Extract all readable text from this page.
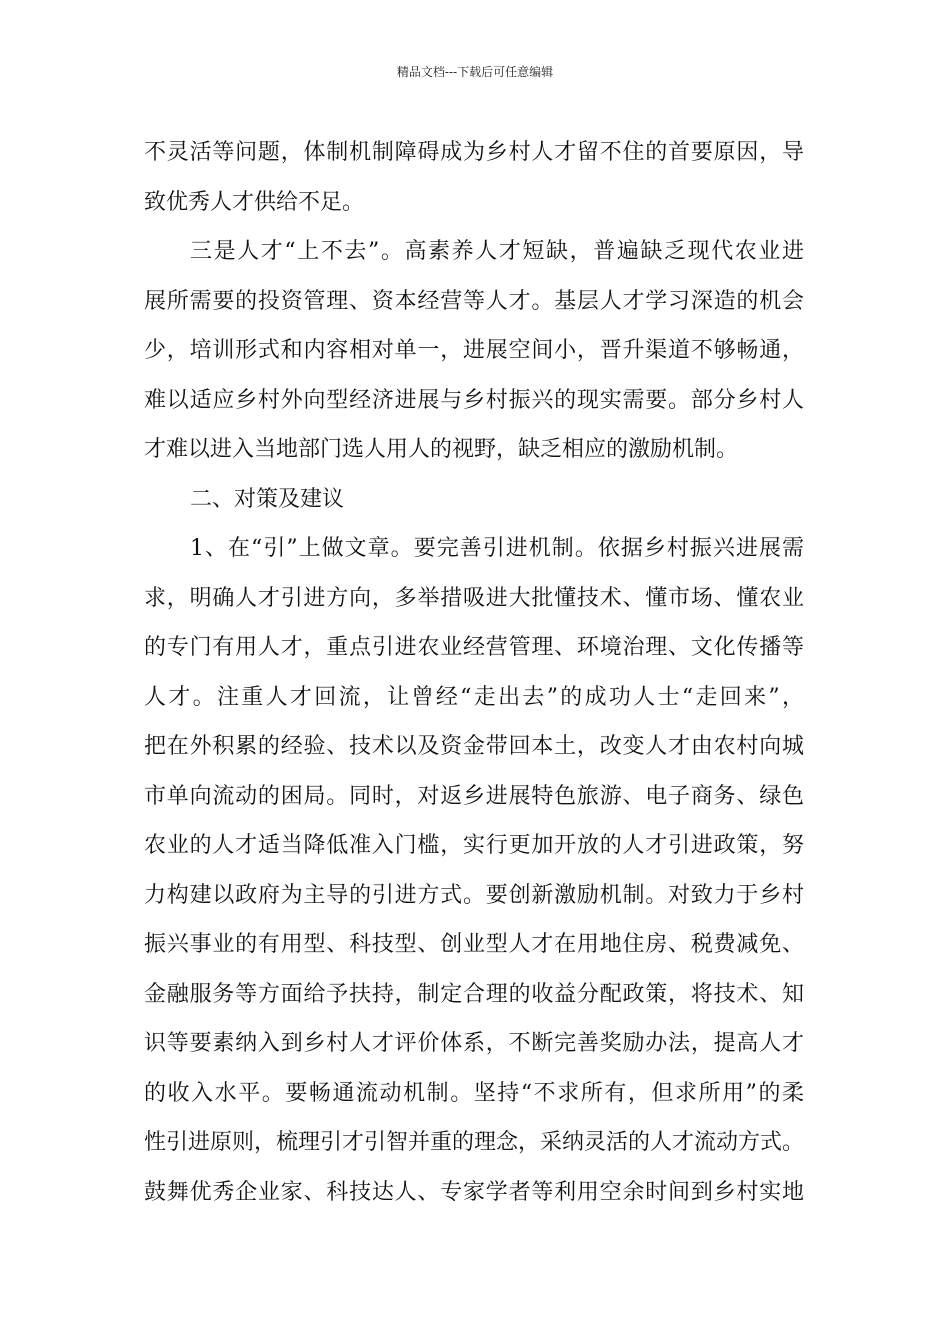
精品文档---下载后可任意编辑
不灵活等问题，体制机制障碍成为乡村人才留不住的首要原因，导
致优秀人才供给不足。
三是人才“上不去”。高素养人才短缺，普遍缺乏现代农业进
展所需要的投资管理、资本经营等人才。基层人才学习深造的机会
少，培训形式和内容相对单一，进展空间小，晋升渠道不够畅通，
难以适应乡村外向型经济进展与乡村振兴的现实需要。部分乡村人
才难以进入当地部门选人用人的视野，缺乏相应的激励机制。
二、对策及建议
1、在“引”上做文章。要完善引进机制。依据乡村振兴进展需
求，明确人才引进方向，多举措吸进大批懂技术、懂市场、懂农业
的专门有用人才，重点引进农业经营管理、环境治理、文化传播等
人才。注重人才回流，让曾经“走出去”的成功人士“走回来”，
把在外积累的经验、技术以及资金带回本土，改变人才由农村向城
市单向流动的困局。同时，对返乡进展特色旅游、电子商务、绿色
农业的人才适当降低准入门槛，实行更加开放的人才引进政策，努
力构建以政府为主导的引进方式。要创新激励机制。对致力于乡村
振兴事业的有用型、科技型、创业型人才在用地住房、税费减免、
金融服务等方面给予扶持，制定合理的收益分配政策，将技术、知
识等要素纳入到乡村人才评价体系，不断完善奖励办法，提高人才
的收入水平。要畅通流动机制。坚持“不求所有，但求所用”的柔
性引进原则，梳理引才引智并重的理念，采纳灵活的人才流动方式。
鼓舞优秀企业家、科技达人、专家学者等利用空余时间到乡村实地
